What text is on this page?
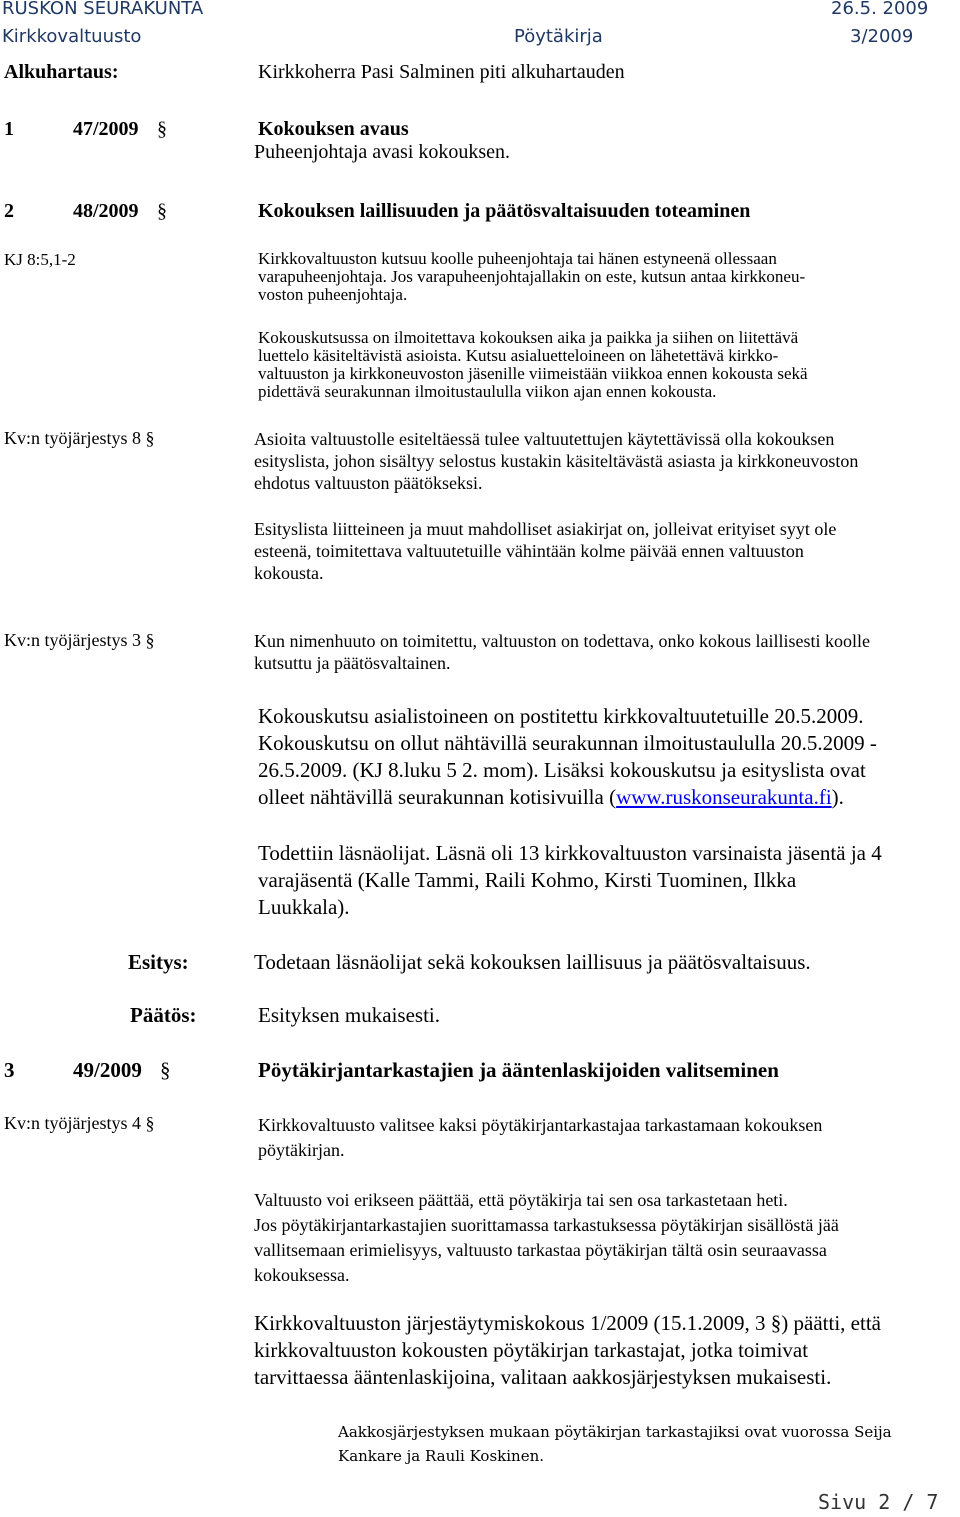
RUSKON SEURAKUNTA	26.5. 2009
Kirkkovaltuusto	Pöytäkirja	3/2009
Alkuhartaus:	Kirkkoherra Pasi Salminen piti alkuhartauden
1	47/2009 §	Kokouksen avaus
Puheenjohtaja avasi kokouksen.
2	48/2009 §	Kokouksen laillisuuden ja päätösvaltaisuuden toteaminen
KJ 8:5,1-2	Kirkkovaltuuston kutsuu koolle puheenjohtaja tai hänen estyneenä ollessaan
varapuheenjohtaja. Jos varapuheenjohtajallakin on este, kutsun antaa kirkkoneu-
voston puheenjohtaja.
Kokouskutsussa on ilmoitettava kokouksen aika ja paikka ja siihen on liitettävä
luettelo käsiteltävistä asioista. Kutsu asialuetteloineen on lähetettävä kirkko-
valtuuston ja kirkkoneuvoston jäsenille viimeistään viikkoa ennen kokousta sekä
pidettävä seurakunnan ilmoitustaululla viikon ajan ennen kokousta.
Kv:n työjärjestys 8 §	Asioita valtuustolle esiteltäessä tulee valtuutettujen käytettävissä olla kokouksen
esityslista, johon sisältyy selostus kustakin käsiteltävästä asiasta ja kirkkoneuvoston
ehdotus valtuuston päätökseksi.
Esityslista liitteineen ja muut mahdolliset asiakirjat on, jolleivat erityiset syyt ole
esteenä, toimitettava valtuutetuille vähintään kolme päivää ennen valtuuston
kokousta.
Kv:n työjärjestys 3 §	Kun nimenhuuto on toimitettu, valtuuston on todettava, onko kokous laillisesti koolle
kutsuttu ja päätösvaltainen.
Kokouskutsu asialistoineen on postitettu kirkkovaltuutetuille 20.5.2009.
Kokouskutsu on ollut nähtävillä seurakunnan ilmoitustaululla 20.5.2009 -
26.5.2009. (KJ 8.luku 5 2. mom). Lisäksi kokouskutsu ja esityslista ovat
olleet nähtävillä seurakunnan kotisivuilla (www.ruskonseurakunta.fi).
Todettiin läsnäolijat. Läsnä oli 13 kirkkovaltuuston varsinaista jäsentä ja 4
varajäsentä (Kalle Tammi, Raili Kohmo, Kirsti Tuominen, Ilkka
Luukkala).
Esitys:	Todetaan läsnäolijat sekä kokouksen laillisuus ja päätösvaltaisuus.
Päätös:	Esityksen mukaisesti.
3	49/2009 §	Pöytäkirjantarkastajien ja ääntenlaskijoiden valitseminen
Kv:n työjärjestys 4 §	Kirkkovaltuusto valitsee kaksi pöytäkirjantarkastajaa tarkastamaan kokouksen
pöytäkirjan.
Valtuusto voi erikseen päättää, että pöytäkirja tai sen osa tarkastetaan heti.
Jos pöytäkirjantarkastajien suorittamassa tarkastuksessa pöytäkirjan sisällöstä jää
vallitsemaan erimielisyys, valtuusto tarkastaa pöytäkirjan tältä osin seuraavassa
kokouksessa.
Kirkkovaltuuston järjestäytymiskokous 1/2009 (15.1.2009, 3 §) päätti, että
kirkkovaltuuston kokousten pöytäkirjan tarkastajat, jotka toimivat
tarvittaessa ääntenlaskijoina, valitaan aakkosjärjestyksen mukaisesti.
Aakkosjärjestyksen mukaan pöytäkirjan tarkastajiksi ovat vuorossa Seija
Kankare ja Rauli Koskinen.
Sivu 2 / 7
